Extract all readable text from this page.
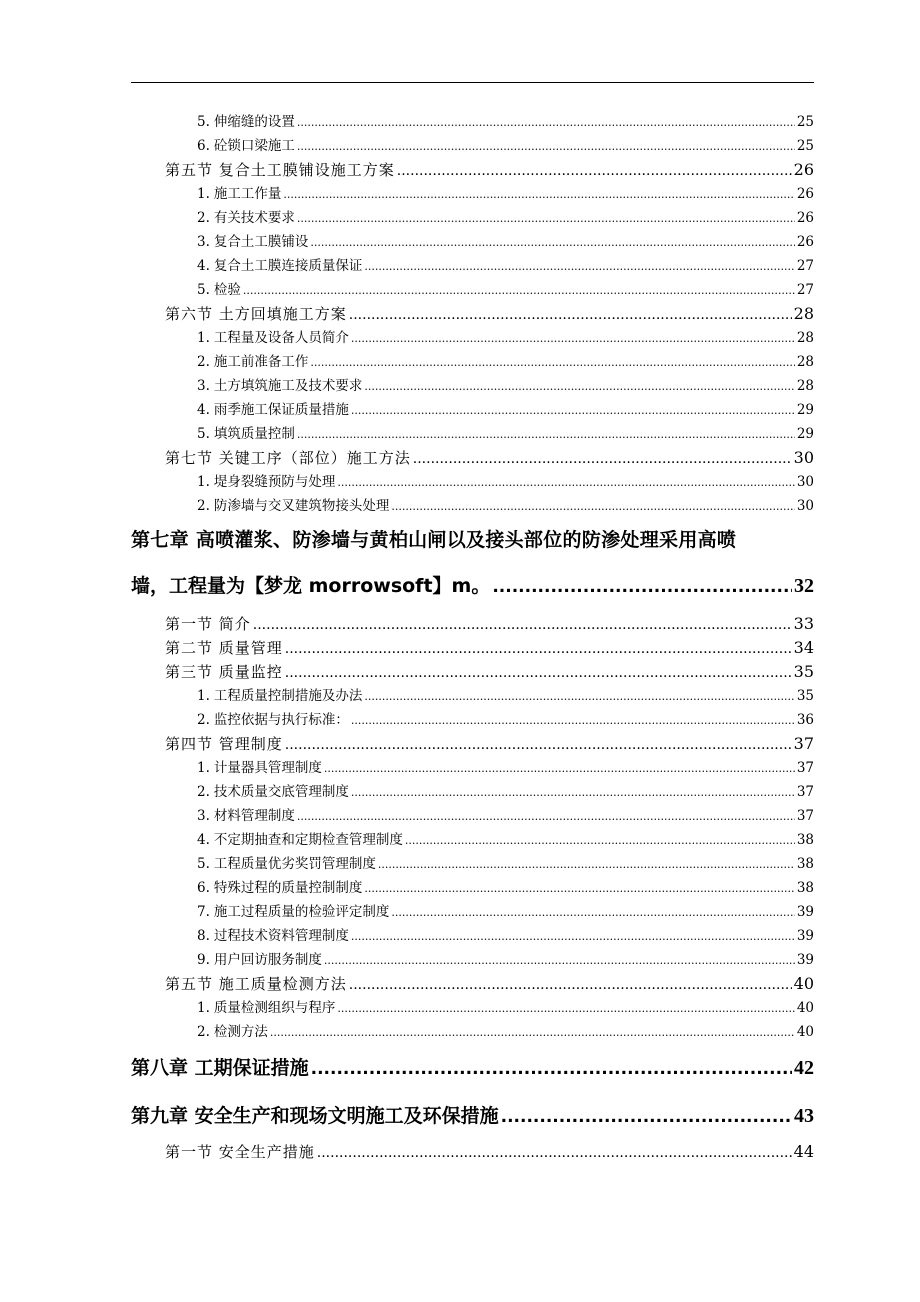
5. 伸缩缝的设置 .....	25
6. 砼锁口梁施工 .....	25
第五节 复合土工膜铺设施工方案 .....	26
1. 施工工作量 .....	26
2. 有关技术要求 .....	26
3. 复合土工膜铺设 .....	26
4. 复合土工膜连接质量保证 .....	27
5. 检验 .....	27
第六节 土方回填施工方案 .....	28
1. 工程量及设备人员简介 .....	28
2. 施工前准备工作 .....	28
3. 土方填筑施工及技术要求 .....	28
4. 雨季施工保证质量措施 .....	29
5. 填筑质量控制 .....	29
第七节 关键工序（部位）施工方法 .....	30
1. 堤身裂缝预防与处理 .....	30
2. 防渗墙与交叉建筑物接头处理 .....	30
第七章 高喷灌浆、防渗墙与黄柏山闸以及接头部位的防渗处理采用高喷
墙，工程量为【梦龙 morrowsoft】m。 .....	32
第一节 简介 .....	33
第二节 质量管理 .....	34
第三节 质量监控 .....	35
1. 工程质量控制措施及办法 .....	35
2. 监控依据与执行标准： .....	36
第四节 管理制度 .....	37
1. 计量器具管理制度 .....	37
2. 技术质量交底管理制度 .....	37
3. 材料管理制度 .....	37
4. 不定期抽查和定期检查管理制度 .....	38
5. 工程质量优劣奖罚管理制度 .....	38
6. 特殊过程的质量控制制度 .....	38
7. 施工过程质量的检验评定制度 .....	39
8. 过程技术资料管理制度 .....	39
9. 用户回访服务制度 .....	39
第五节 施工质量检测方法 .....	40
1. 质量检测组织与程序 .....	40
2. 检测方法 .....	40
第八章 工期保证措施 .....	42
第九章 安全生产和现场文明施工及环保措施 .....	43
第一节 安全生产措施 .....	44
